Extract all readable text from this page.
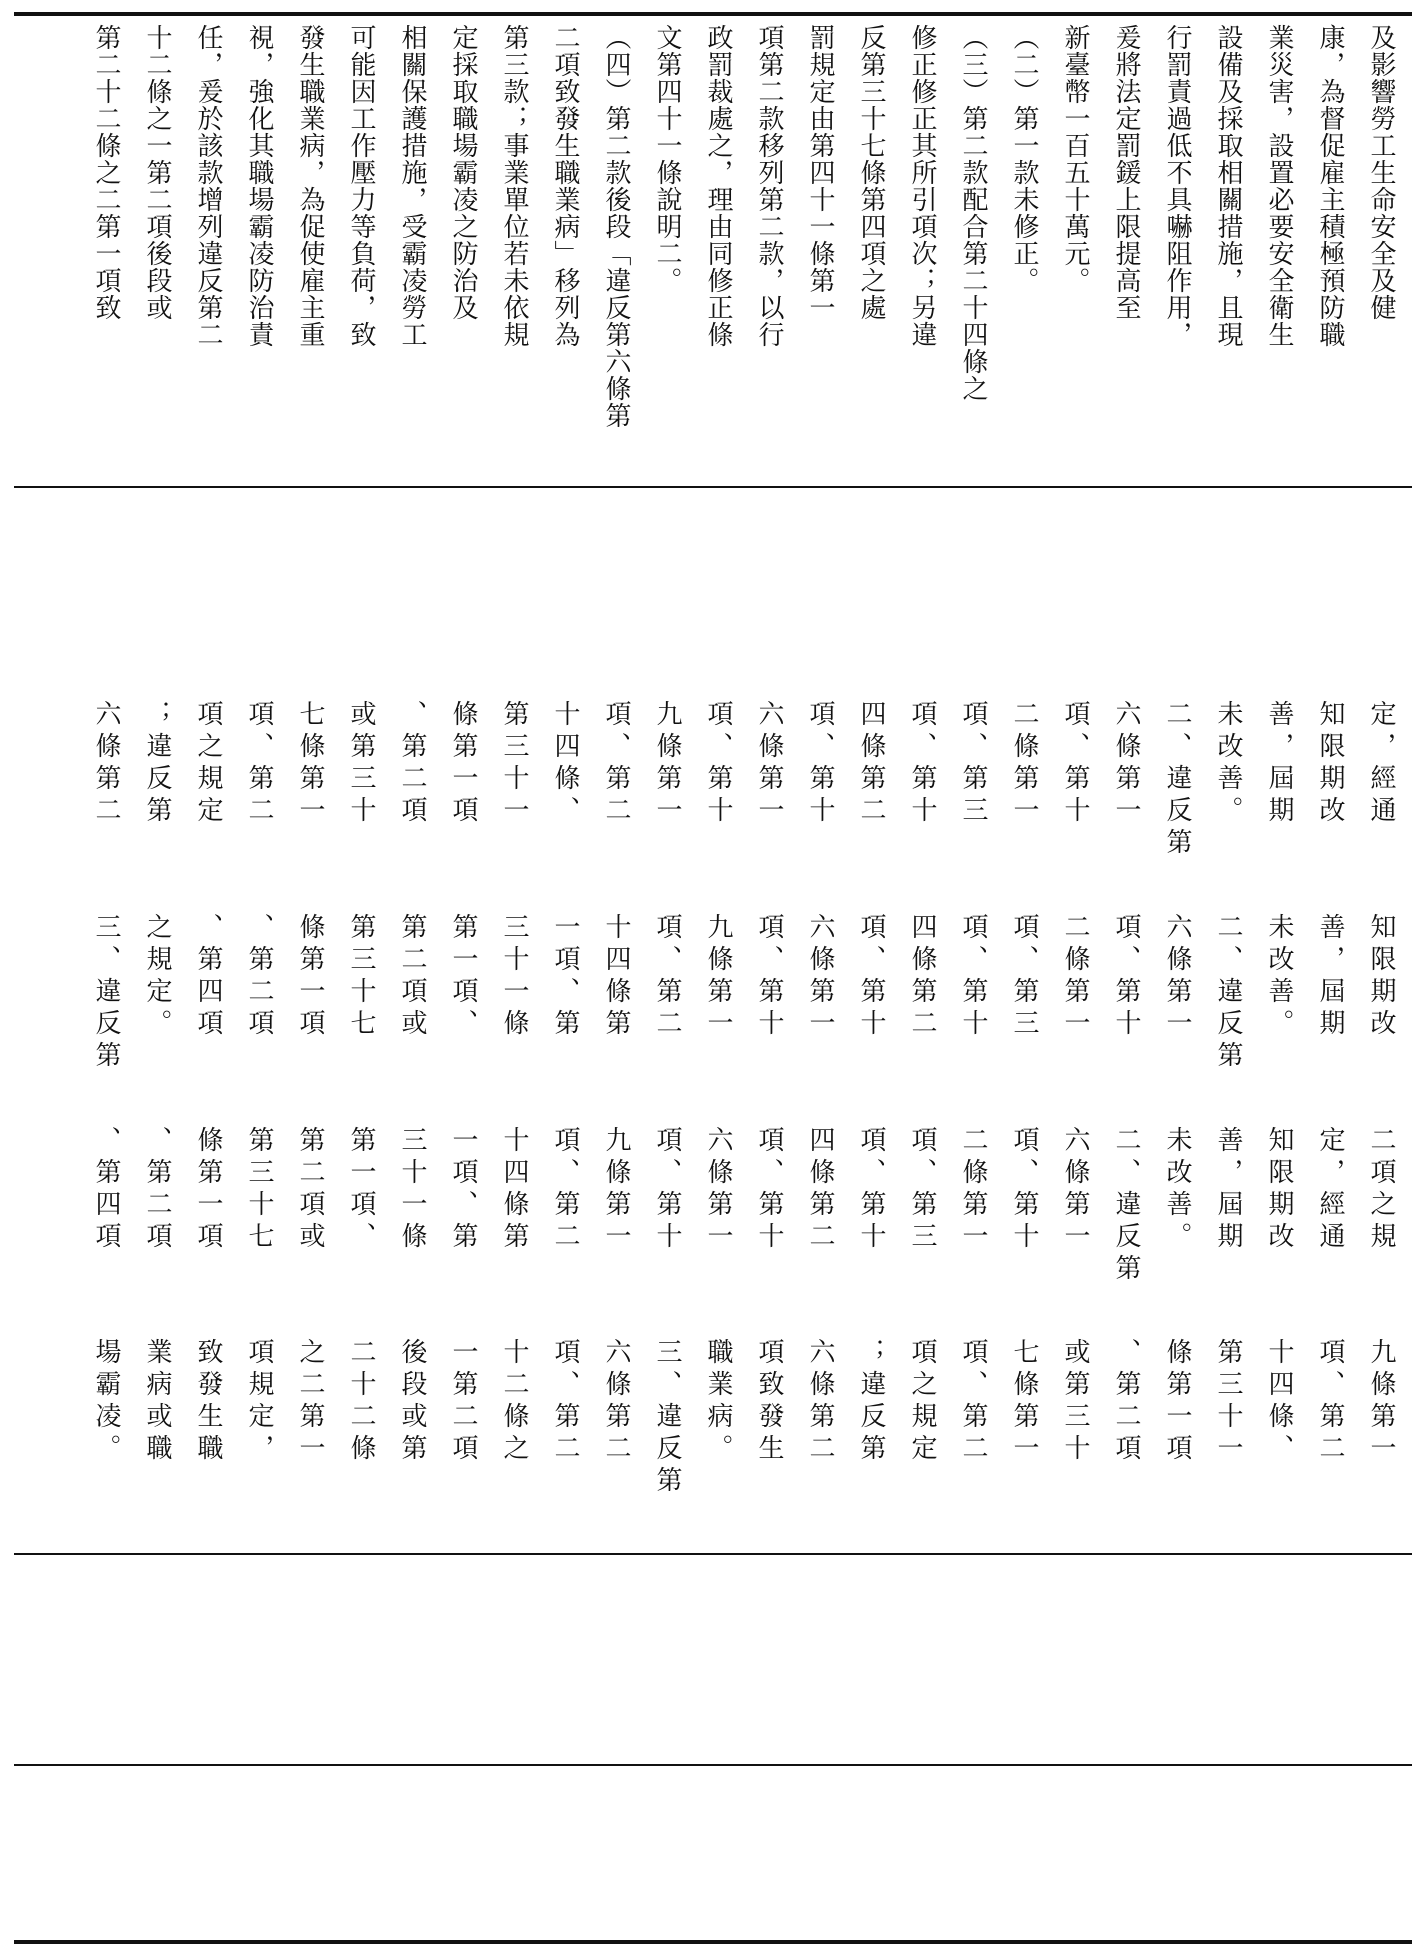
及影響勞工生命安全及健
康，為督促雇主積極預防職
業災害，設置必要安全衛生
設備及採取相關措施，且現
行罰責過低不具嚇阻作用，
爰將法定罰鍰上限提高至
新臺幣一百五十萬元。
（二）第一款未修正。
（三）第二款配合第二十四條之
修正修正其所引項次；另違
反第三十七條第四項之處
罰規定由第四十一條第一
項第二款移列第二款，以行
政罰裁處之，理由同修正條
文第四十一條說明二。
（四）第二款後段「違反第六條第
二項致發生職業病」移列為
第三款；事業單位若未依規
定採取職場霸凌之防治及
相關保護措施，受霸凌勞工
可能因工作壓力等負荷，致
發生職業病，為促使雇主重
視，強化其職場霸凌防治責
任，爰於該款增列違反第二
十二條之一第二項後段或
第二十二條之二第一項致
定，經通
知限期改
善，屆期
未改善。
二、違反第
六條第一
項、第十
二條第一
項、第三
項、第十
四條第二
項、第十
六條第一
項、第十
九條第一
項、第二
十四條、
第三十一
條第一項
、第二項
或第三十
七條第一
項、第二
項之規定
；違反第
六條第二
知限期改
善，屆期
未改善。
二、違反第
六條第一
項、第十
二條第一
項、第三
項、第十
四條第二
項、第十
六條第一
項、第十
九條第一
項、第二
十四條第
一項、第
三十一條
第一項、
第二項或
第三十七
條第一項
、第二項
、第四項
之規定。
三、違反第
二項之規
定，經通
知限期改
善，屆期
未改善。
二、違反第
六條第一
項、第十
二條第一
項、第三
項、第十
四條第二
項、第十
六條第一
項、第十
九條第一
項、第二
十四條第
一項、第
三十一條
第一項、
第二項或
第三十七
條第一項
、第二項
、第四項
九條第一
項、第二
十四條、
第三十一
條第一項
、第二項
或第三十
七條第一
項、第二
項之規定
；違反第
六條第二
項致發生
職業病。
三、違反第
六條第二
項、第二
十二條之
一第二項
後段或第
二十二條
之二第一
項規定，
致發生職
業病或職
場霸凌。
